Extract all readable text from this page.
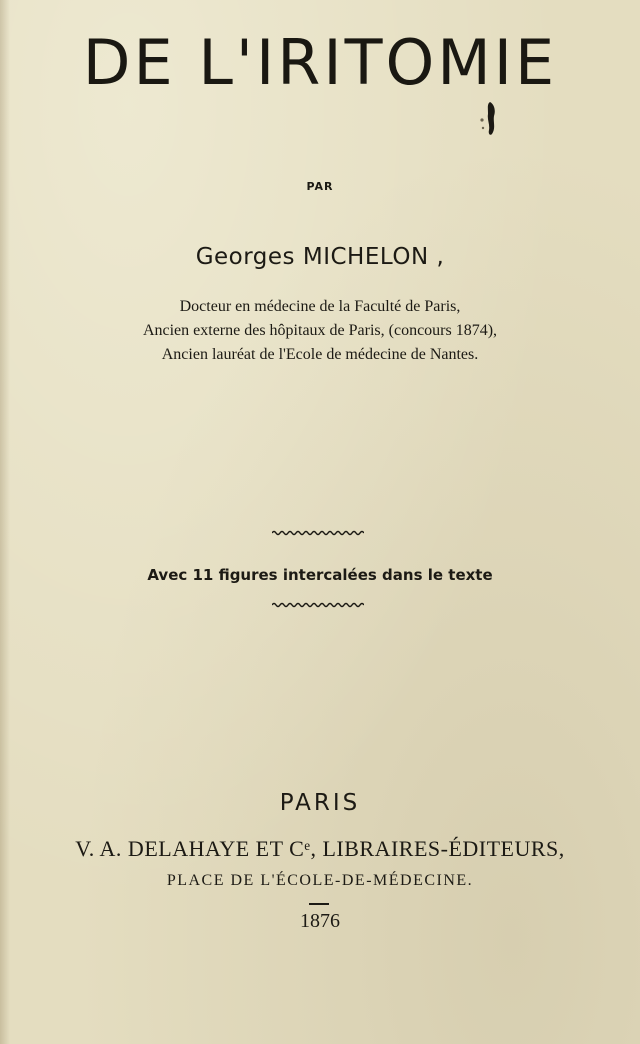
DE L'IRITOMIE
PAR
Georges MICHELON ,
Docteur en médecine de la Faculté de Paris,
Ancien externe des hôpitaux de Paris, (concours 1874),
Ancien lauréat de l'Ecole de médecine de Nantes.
Avec 11 figures intercalées dans le texte
PARIS
V. A. DELAHAYE ET Cᵉ, LIBRAIRES-ÉDITEURS,
PLACE DE L'ÉCOLE-DE-MÉDECINE.
1876
